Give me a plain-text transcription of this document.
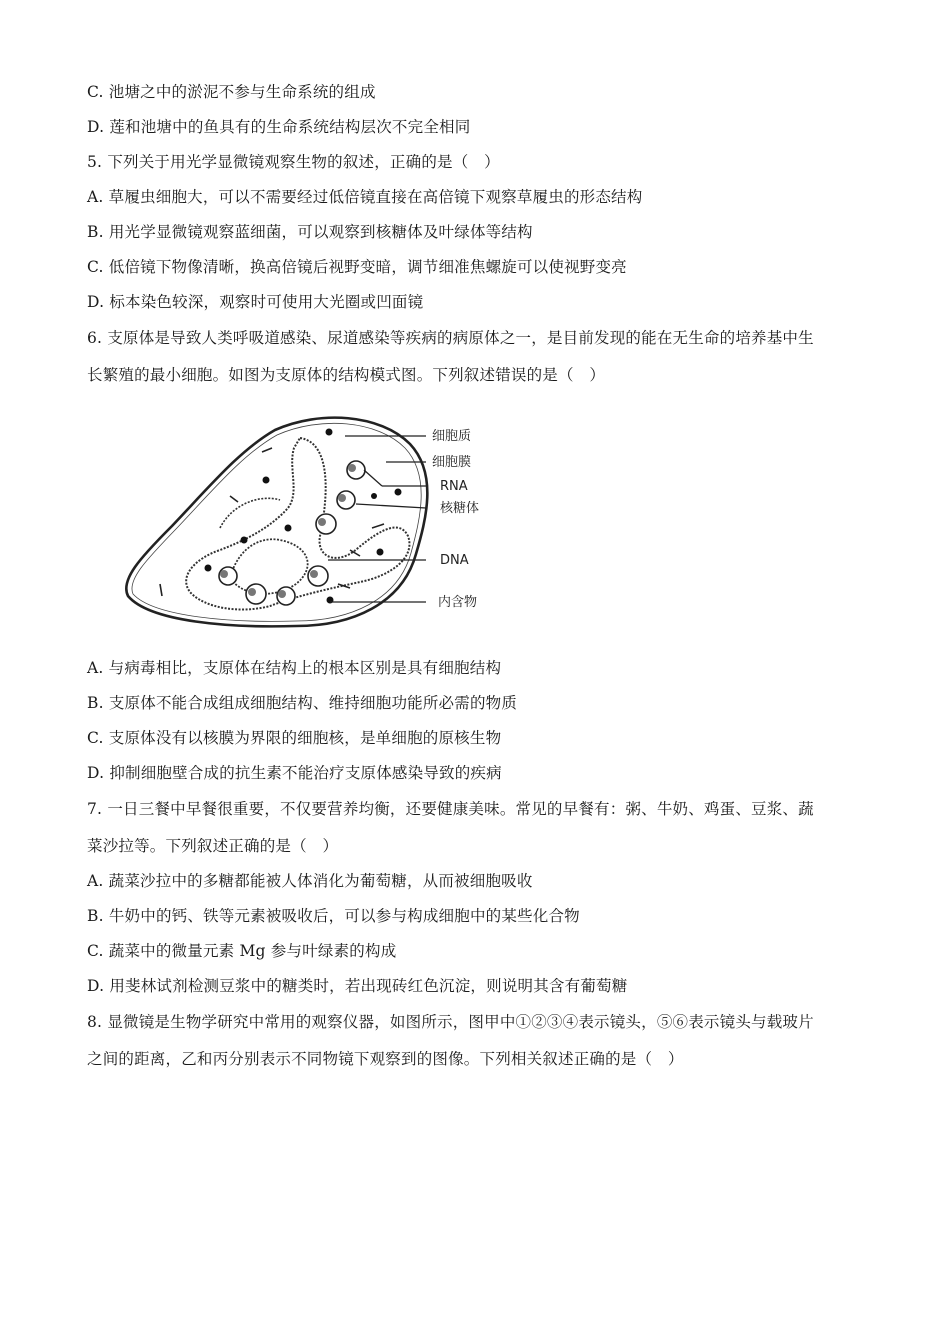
C. 池塘之中的淤泥不参与生命系统的组成
D. 莲和池塘中的鱼具有的生命系统结构层次不完全相同
5. 下列关于用光学显微镜观察生物的叙述，正确的是（　）
A. 草履虫细胞大，可以不需要经过低倍镜直接在高倍镜下观察草履虫的形态结构
B. 用光学显微镜观察蓝细菌，可以观察到核糖体及叶绿体等结构
C. 低倍镜下物像清晰，换高倍镜后视野变暗，调节细准焦螺旋可以使视野变亮
D. 标本染色较深，观察时可使用大光圈或凹面镜
6. 支原体是导致人类呼吸道感染、尿道感染等疾病的病原体之一，是目前发现的能在无生命的培养基中生
长繁殖的最小细胞。如图为支原体的结构模式图。下列叙述错误的是（　）
细胞质
细胞膜
RNA
核糖体
DNA
内含物
A. 与病毒相比，支原体在结构上的根本区别是具有细胞结构
B. 支原体不能合成组成细胞结构、维持细胞功能所必需的物质
C. 支原体没有以核膜为界限的细胞核，是单细胞的原核生物
D. 抑制细胞壁合成的抗生素不能治疗支原体感染导致的疾病
7. 一日三餐中早餐很重要，不仅要营养均衡，还要健康美味。常见的早餐有：粥、牛奶、鸡蛋、豆浆、蔬
菜沙拉等。下列叙述正确的是（　）
A. 蔬菜沙拉中的多糖都能被人体消化为葡萄糖，从而被细胞吸收
B. 牛奶中的钙、铁等元素被吸收后，可以参与构成细胞中的某些化合物
C. 蔬菜中的微量元素 Mg 参与叶绿素的构成
D. 用斐林试剂检测豆浆中的糖类时，若出现砖红色沉淀，则说明其含有葡萄糖
8. 显微镜是生物学研究中常用的观察仪器，如图所示，图甲中①②③④表示镜头，⑤⑥表示镜头与载玻片
之间的距离，乙和丙分别表示不同物镜下观察到的图像。下列相关叙述正确的是（　）
